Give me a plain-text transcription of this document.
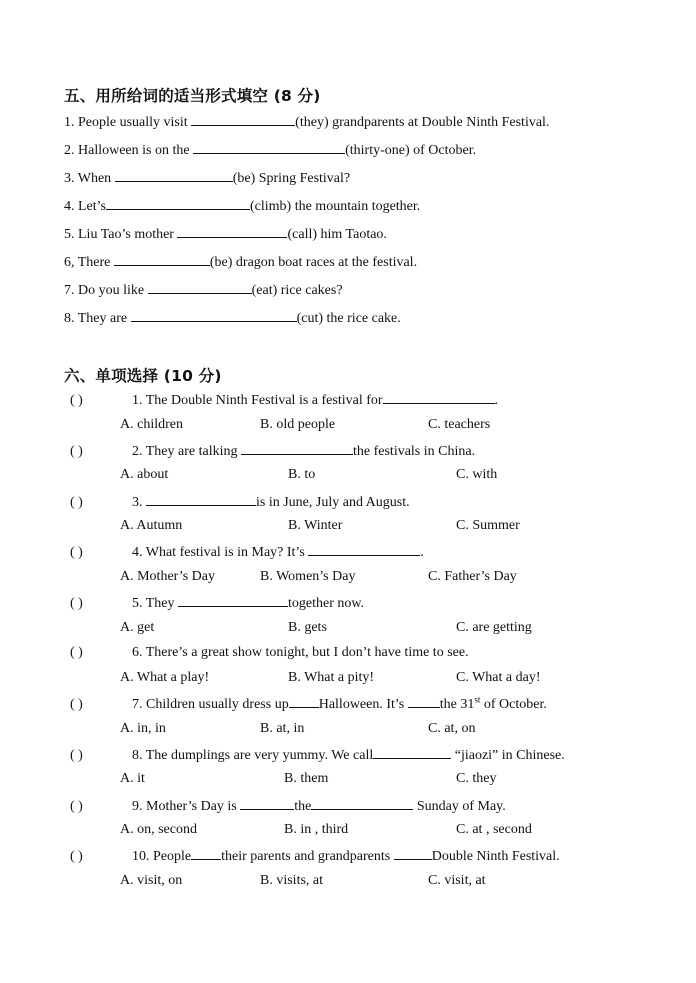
五、用所给词的适当形式填空 (8 分)
1. People usually visit	(they) grandparents at Double Ninth Festival.
2. Halloween is on the	(thirty-one) of October.
3. When	(be) Spring Festival?
4. Let’s	(climb) the mountain together.
5. Liu Tao’s mother	(call) him Taotao.
6, There	(be) dragon boat races at the festival.
7. Do you like	(eat) rice cakes?
8. They are	(cut) the rice cake.
六、单项选择 (10 分)
( )	1. The Double Ninth Festival is a festival for	.
A. children	B. old people	C. teachers
( )	2. They are talking	the festivals in China.
A. about	B. to	C. with
( )	3.	is in June, July and August.
A. Autumn	B. Winter	C. Summer
( )	4. What festival is in May? It’s	.
A. Mother’s Day	B. Women’s Day	C. Father’s Day
( )	5. They	together now.
A. get	B. gets	C. are getting
( )	6. There’s a great show tonight, but I don’t have time to see.
A. What a play!	B. What a pity!	C. What a day!
( )	7. Children usually dress up Halloween. It’s the 31st of October.
A. in, in	B. at, in	C. at, on
( )	8. The dumplings are very yummy. We call	“jiaozi” in Chinese.
A. it	B. them	C. they
( )	9. Mother’s Day is	the	Sunday of May.
A. on, second	B. in , third	C. at , second
( )	10. People their parents and grandparents	Double Ninth Festival.
A. visit, on	B. visits, at	C. visit, at
